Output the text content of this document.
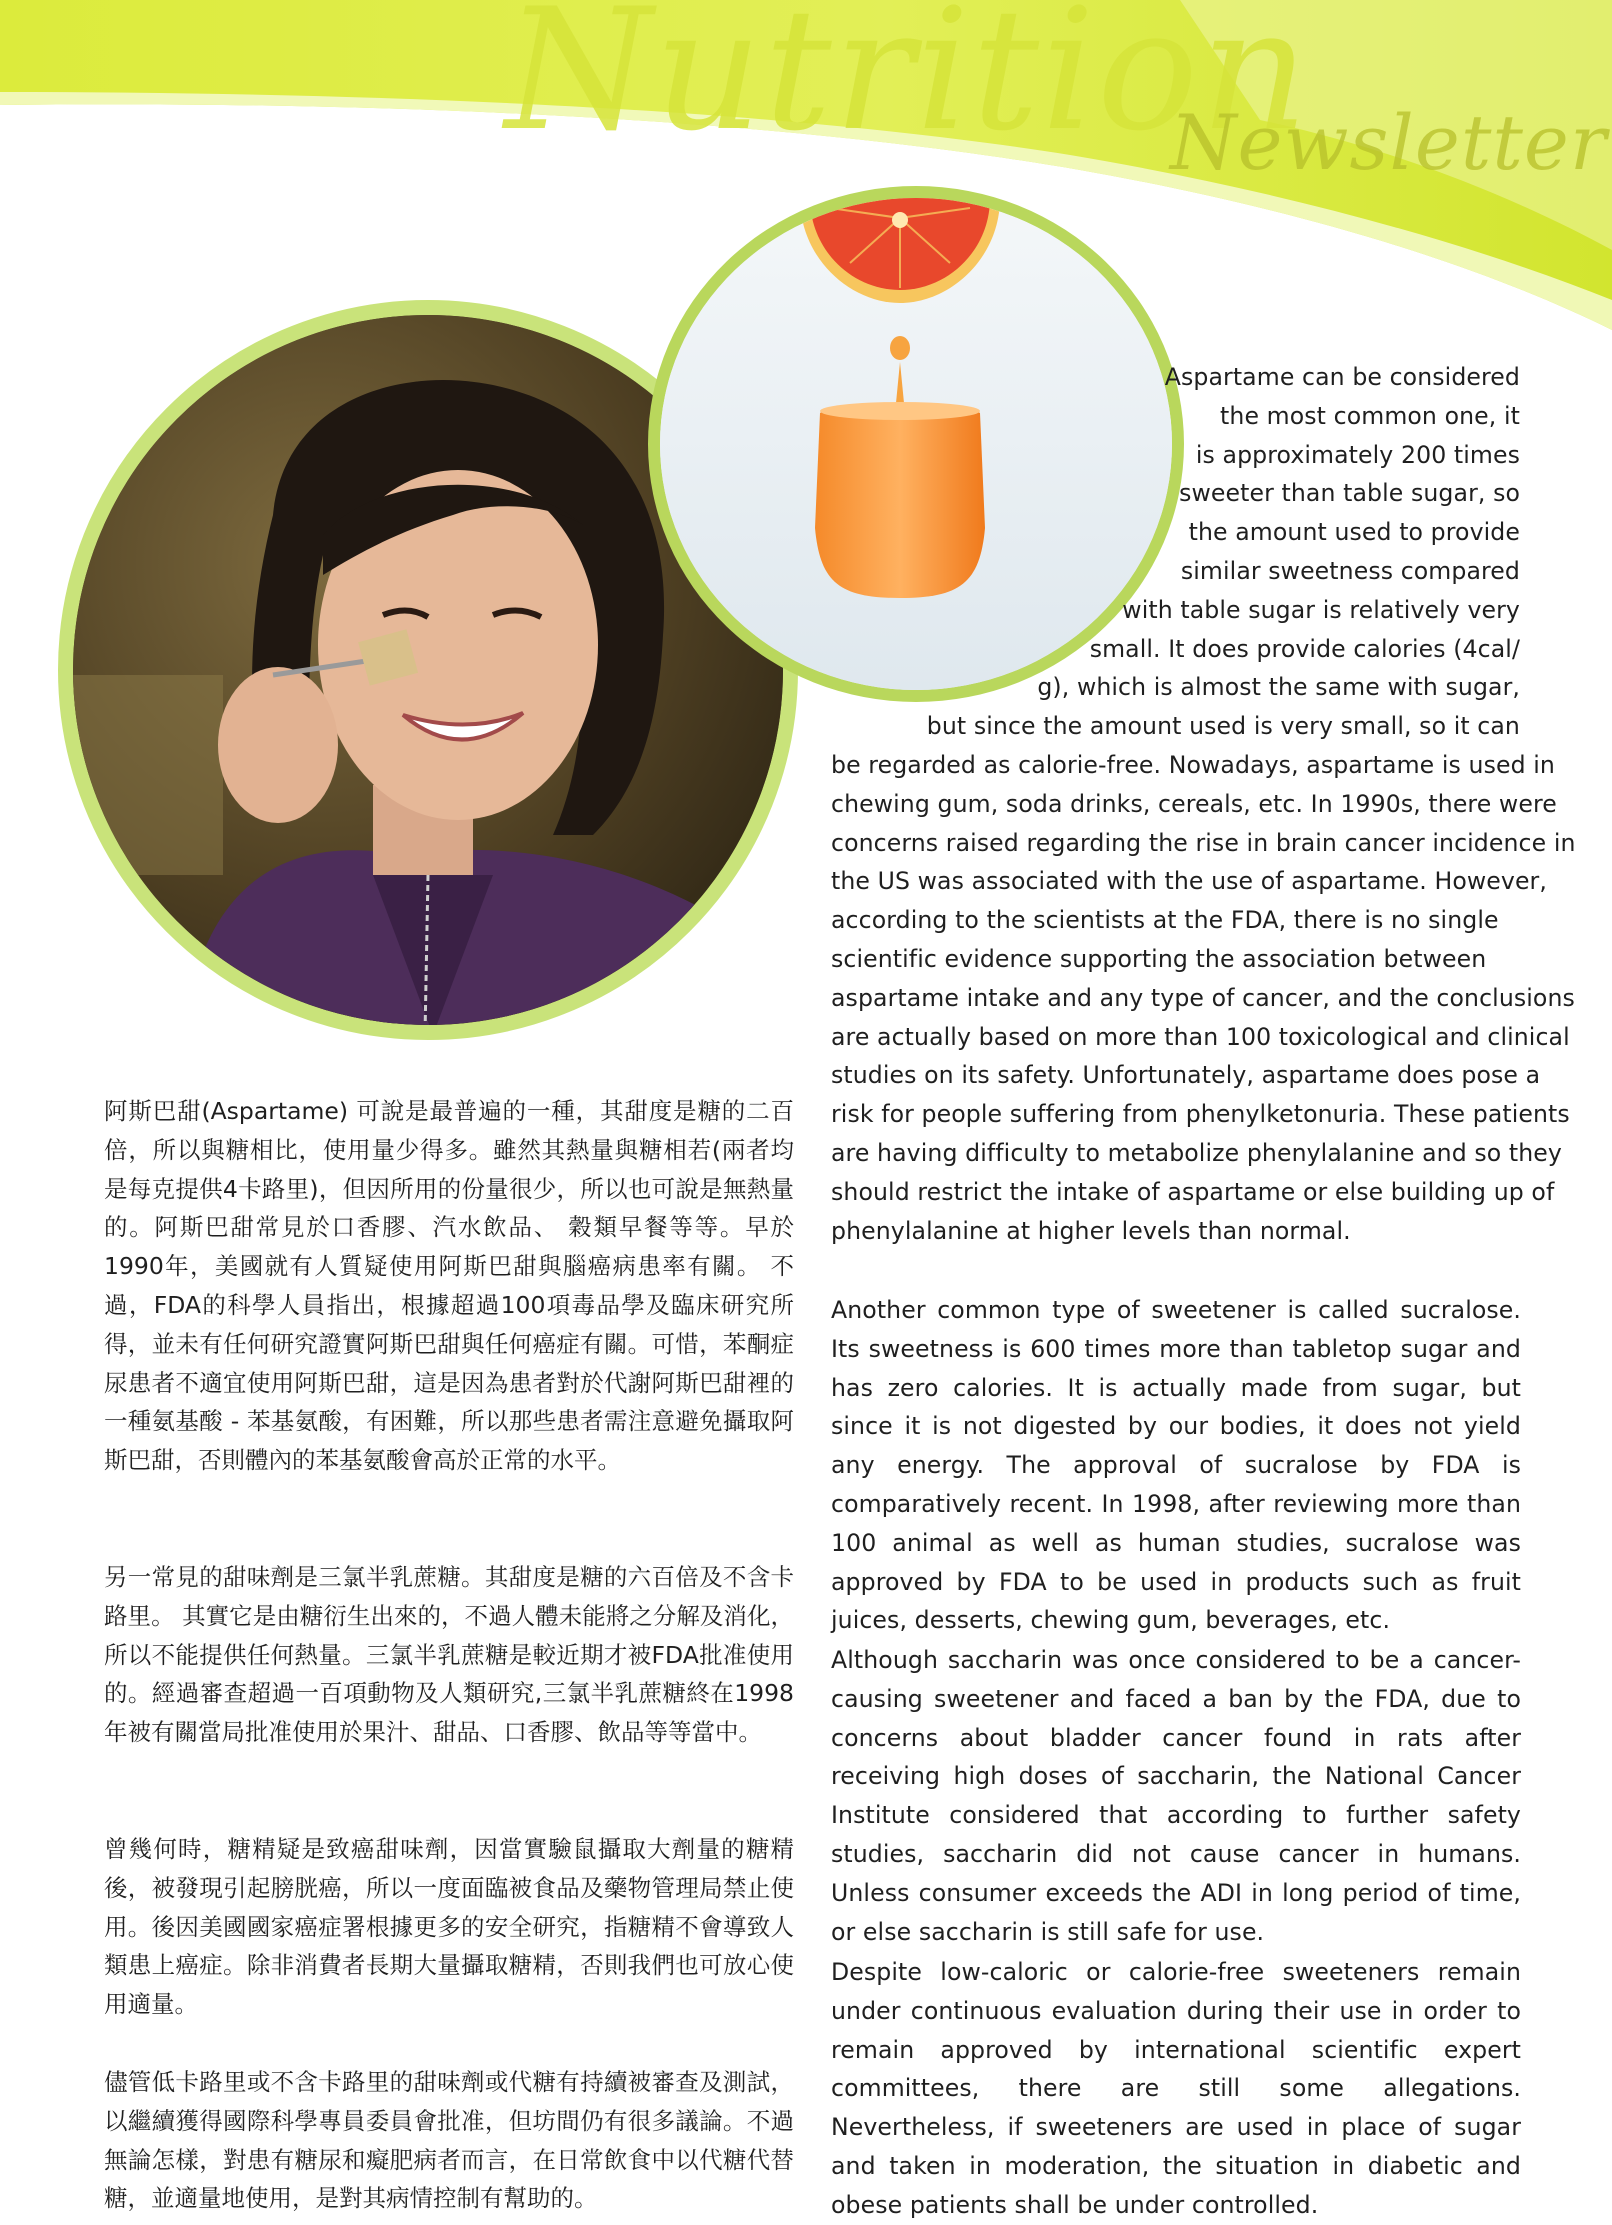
Nutrition
Newsletter
Aspartame can be considered
the most common one, it
is approximately 200 times
sweeter than table sugar, so
the amount used to provide
similar sweetness compared
with table sugar is relatively very
small. It does provide calories (4cal/
g), which is almost the same with sugar,
but since the amount used is very small, so it can
be regarded as calorie-free. Nowadays, aspartame is used in
chewing gum, soda drinks, cereals, etc. In 1990s, there were
concerns raised regarding the rise in brain cancer incidence in
the US was associated with the use of aspartame. However,
according to the scientists at the FDA, there is no single
scientific evidence supporting the association between
aspartame intake and any type of cancer, and the conclusions
are actually based on more than 100 toxicological and clinical
studies on its safety. Unfortunately, aspartame does pose a
risk for people suffering from phenylketonuria. These patients
are having difficulty to metabolize phenylalanine and so they
should restrict the intake of aspartame or else building up of
phenylalanine at higher levels than normal.

Another common type of sweetener is called sucralose. Its sweetness is 600 times more than tabletop sugar and has zero calories. It is actually made from sugar, but since it is not digested by our bodies, it does not yield any energy. The approval of sucralose by FDA is comparatively recent. In 1998, after reviewing more than 100 animal as well as human studies, sucralose was approved by FDA to be used in products such as fruit juices, desserts, chewing gum, beverages, etc.

Although saccharin was once considered to be a cancer-causing sweetener and faced a ban by the FDA, due to concerns about bladder cancer found in rats after receiving high doses of saccharin, the National Cancer Institute considered that according to further safety studies, saccharin did not cause cancer in humans. Unless consumer exceeds the ADI in long period of time, or else saccharin is still safe for use.

Despite low-caloric or calorie-free sweeteners remain under continuous evaluation during their use in order to remain approved by international scientific expert committees, there are still some allegations. Nevertheless, if sweeteners are used in place of sugar and taken in moderation, the situation in diabetic and obese patients shall be under controlled.

阿斯巴甜(Aspartame) 可說是最普遍的一種，其甜度是糖的二百倍，所以與糖相比，使用量少得多。雖然其熱量與糖相若(兩者均是每克提供4卡路里)，但因所用的份量很少，所以也可說是無熱量的。阿斯巴甜常見於口香膠、汽水飲品、 穀類早餐等等。早於1990年，美國就有人質疑使用阿斯巴甜與腦癌病患率有關。 不過，FDA的科學人員指出，根據超過100項毒品學及臨床研究所得，並未有任何研究證實阿斯巴甜與任何癌症有關。可惜，苯酮症尿患者不適宜使用阿斯巴甜，這是因為患者對於代謝阿斯巴甜裡的一種氨基酸 - 苯基氨酸，有困難，所以那些患者需注意避免攝取阿斯巴甜，否則體內的苯基氨酸會高於正常的水平。

另一常見的甜味劑是三氯半乳蔗糖。其甜度是糖的六百倍及不含卡路里。 其實它是由糖衍生出來的，不過人體未能將之分解及消化，所以不能提供任何熱量。三氯半乳蔗糖是較近期才被FDA批准使用的。經過審查超過一百項動物及人類研究,三氯半乳蔗糖終在1998年被有關當局批准使用於果汁、甜品、口香膠、飲品等等當中。

曾幾何時，糖精疑是致癌甜味劑，因當實驗鼠攝取大劑量的糖精後，被發現引起膀胱癌，所以一度面臨被食品及藥物管理局禁止使用。後因美國國家癌症署根據更多的安全研究，指糖精不會導致人類患上癌症。除非消費者長期大量攝取糖精，否則我們也可放心使用適量。

儘管低卡路里或不含卡路里的甜味劑或代糖有持續被審查及測試，以繼續獲得國際科學專員委員會批准，但坊間仍有很多議論。不過無論怎樣，對患有糖尿和癡肥病者而言，在日常飲食中以代糖代替糖，並適量地使用，是對其病情控制有幫助的。
